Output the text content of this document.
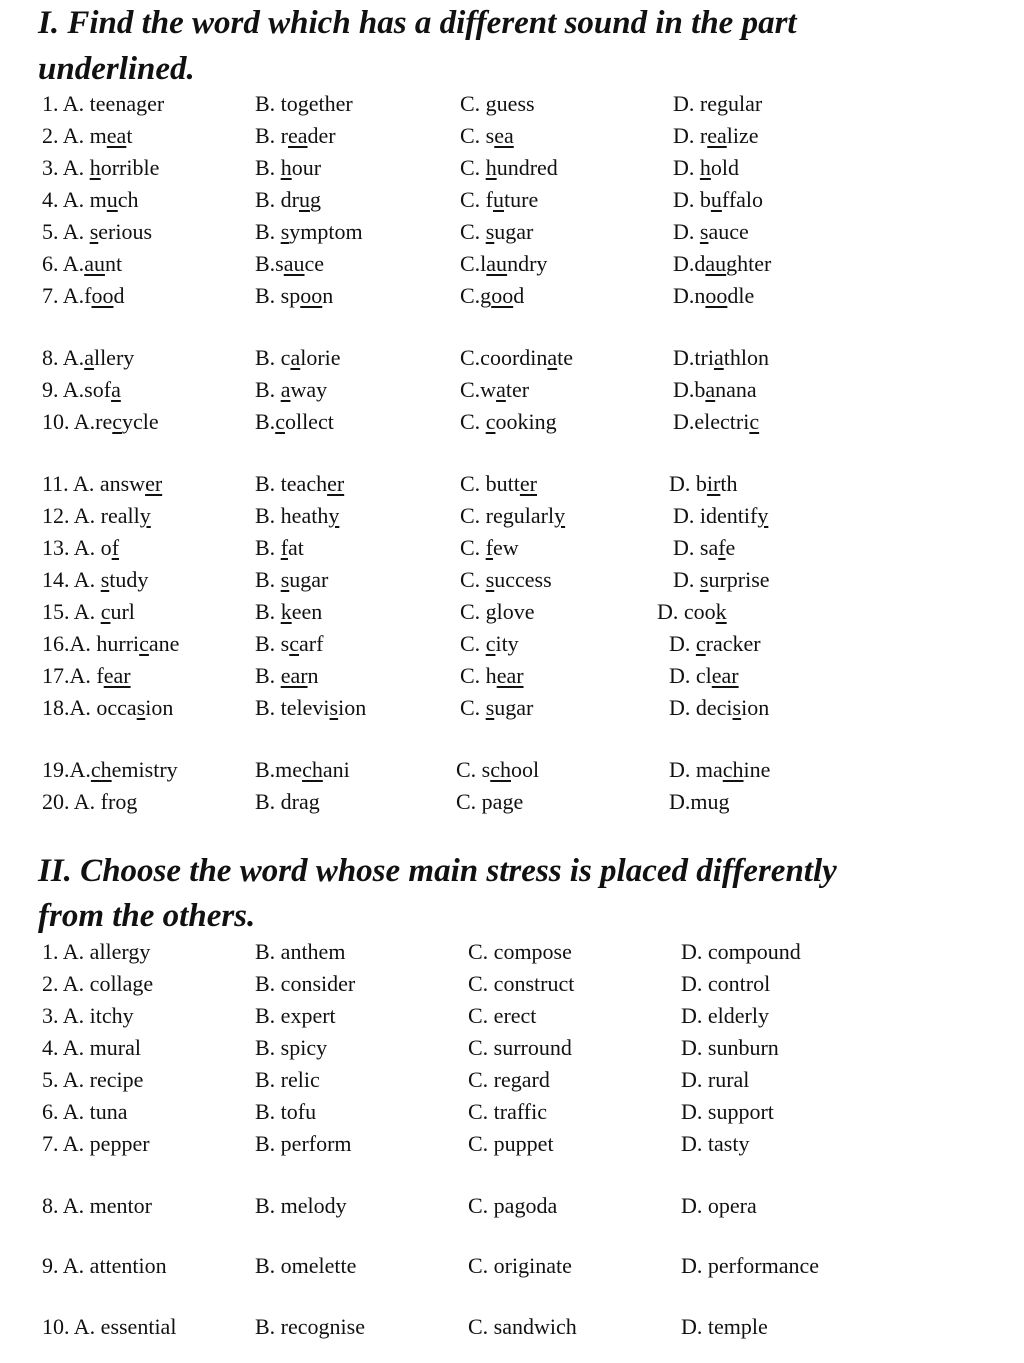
I. Find the word which has a different sound in the part
underlined.
1. A. teenager	B. together	C. guess	D. regular
2. A. meat	B. reader	C. sea	D. realize
3. A. horrible	B. hour	C. hundred	D. hold
4. A. much	B. drug	C. future	D. buffalo
5. A. serious	B. symptom	C. sugar	D. sauce
6. A.aunt	B.sauce	C.laundry	D.daughter
7. A.food	B. spoon	C.good	D.noodle
8. A.allery	B. calorie	C.coordinate	D.triathlon
9. A.sofa	B. away	C.water	D.banana
10. A.recycle	B.collect	C. cooking	D.electric
11. A. answer	B. teacher	C. butter	D. birth
12. A. really	B. heathy	C. regularly	D. identify
13. A. of	B. fat	C. few	D. safe
14. A. study	B. sugar	C. success	D. surprise
15. A. curl	B. keen	C. glove	D. cook
16.A. hurricane	B. scarf	C. city	D. cracker
17.A. fear	B. earn	C. hear	D. clear
18.A. occasion	B. television	C. sugar	D. decision
19.A.chemistry	B.mechani	C. school	D. machine
20. A. frog	B. drag	C. page	D.mug
II. Choose the word whose main stress is placed differently
from the others.
1. A. allergy	B. anthem	C. compose	D. compound
2. A. collage	B. consider	C. construct	D. control
3. A. itchy	B. expert	C. erect	D. elderly
4. A. mural	B. spicy	C. surround	D. sunburn
5. A. recipe	B. relic	C. regard	D. rural
6. A. tuna	B. tofu	C. traffic	D. support
7. A. pepper	B. perform	C. puppet	D. tasty
8. A. mentor	B. melody	C. pagoda	D. opera
9. A. attention	B. omelette	C. originate	D. performance
10. A. essential	B. recognise	C. sandwich	D. temple
